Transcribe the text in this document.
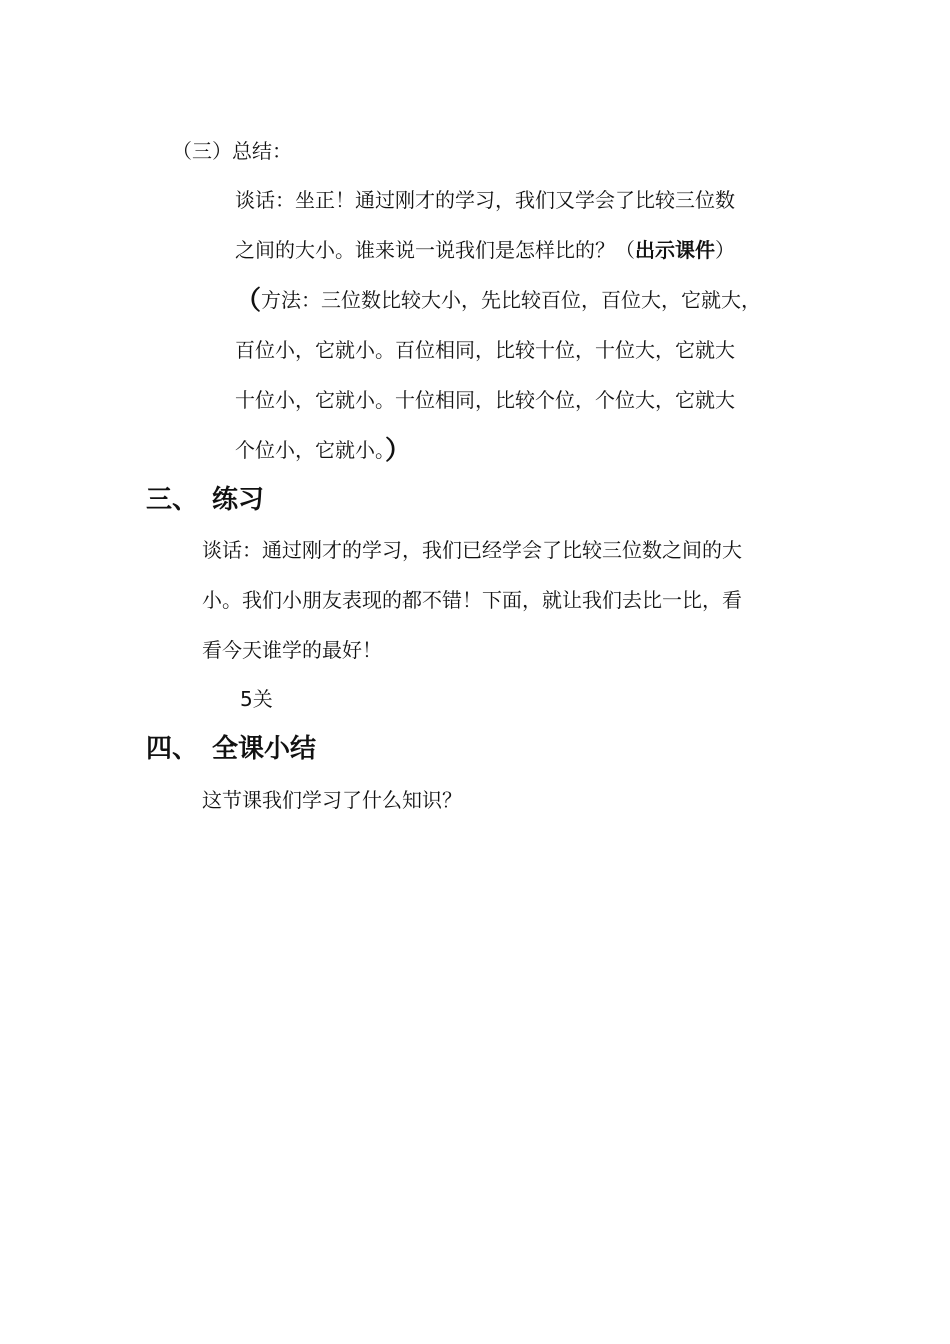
（三）总结：
谈话：坐正！通过刚才的学习，我们又学会了比较三位数
之间的大小。谁来说一说我们是怎样比的？（出示课件）
（方法：三位数比较大小，先比较百位，百位大，它就大，
百位小，它就小。百位相同，比较十位，十位大，它就大
十位小，它就小。十位相同，比较个位，个位大，它就大
个位小，它就小。）
三、 练习
谈话：通过刚才的学习，我们已经学会了比较三位数之间的大
小。我们小朋友表现的都不错！下面，就让我们去比一比，看
看今天谁学的最好！
5关
四、 全课小结
这节课我们学习了什么知识？
